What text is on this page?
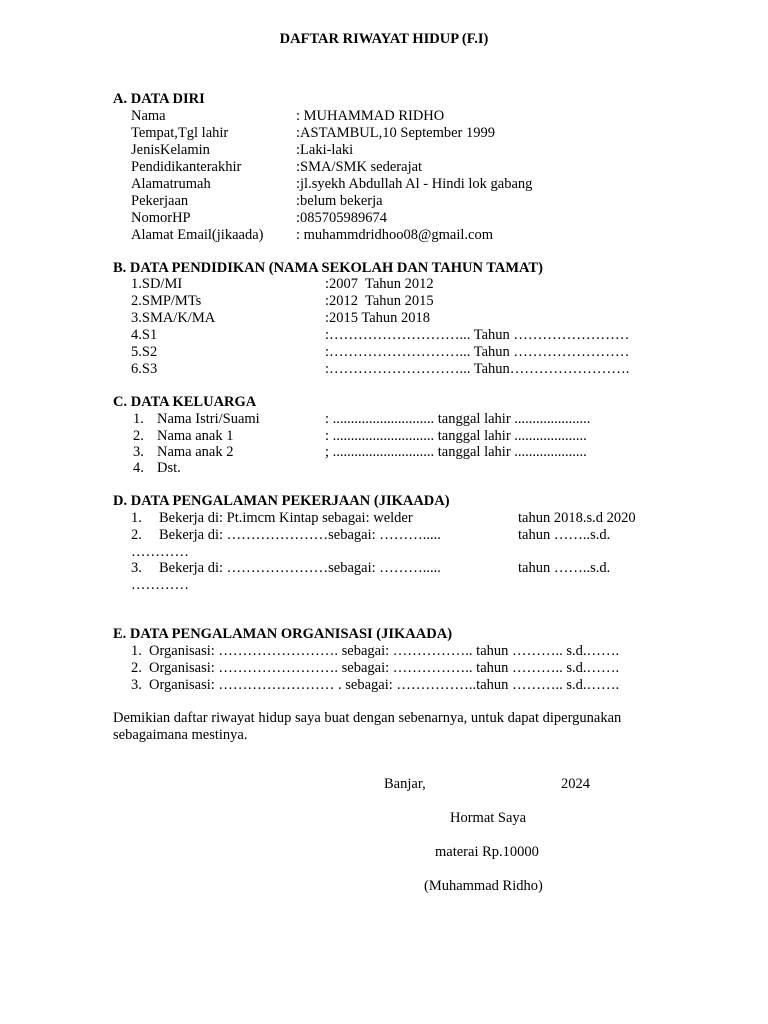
DAFTAR RIWAYAT HIDUP (F.I)
A. DATA DIRI
Nama	: MUHAMMAD RIDHO
Tempat,Tgl lahir	:ASTAMBUL,10 September 1999
JenisKelamin	:Laki-laki
Pendidikanterakhir	:SMA/SMK sederajat
Alamatrumah	:jl.syekh Abdullah Al - Hindi lok gabang
Pekerjaan	:belum bekerja
NomorHP	:085705989674
Alamat Email(jikaada) : muhammdridhoo08@gmail.com
B. DATA PENDIDIKAN (NAMA SEKOLAH DAN TAHUN TAMAT)
1.SD/MI	:2007  Tahun 2012
2.SMP/MTs	:2012  Tahun 2015
3.SMA/K/MA	:2015 Tahun 2018
4.S1	:………………………... Tahun ……………………
5.S2	:………………………... Tahun ……………………
6.S3	:………………………... Tahun…………………….
C. DATA KELUARGA
1. Nama Istri/Suami	: ............................ tanggal lahir .....................
2. Nama anak 1	: ............................ tanggal lahir ....................
3. Nama anak 2	; ............................ tanggal lahir ....................
4. Dst.
D. DATA PENGALAMAN PEKERJAAN (JIKAADA)
1. Bekerja di: Pt.imcm Kintap sebagai: welder	tahun 2018.s.d 2020
2. Bekerja di: …………………sebagai: ……….....	tahun ……..s.d.
…………
3. Bekerja di: …………………sebagai: ……….....	tahun ……..s.d.
…………
E. DATA PENGALAMAN ORGANISASI (JIKAADA)
1. Organisasi: ……………………. sebagai: …………….. tahun ……….. s.d.…….
2. Organisasi: ……………………. sebagai: …………….. tahun ……….. s.d.…….
3. Organisasi: …………………… . sebagai: ……………..tahun ……….. s.d.…….
Demikian daftar riwayat hidup saya buat dengan sebenarnya, untuk dapat dipergunakan
sebagaimana mestinya.
Banjar,	2024
Hormat Saya
materai Rp.10000
(Muhammad Ridho)
